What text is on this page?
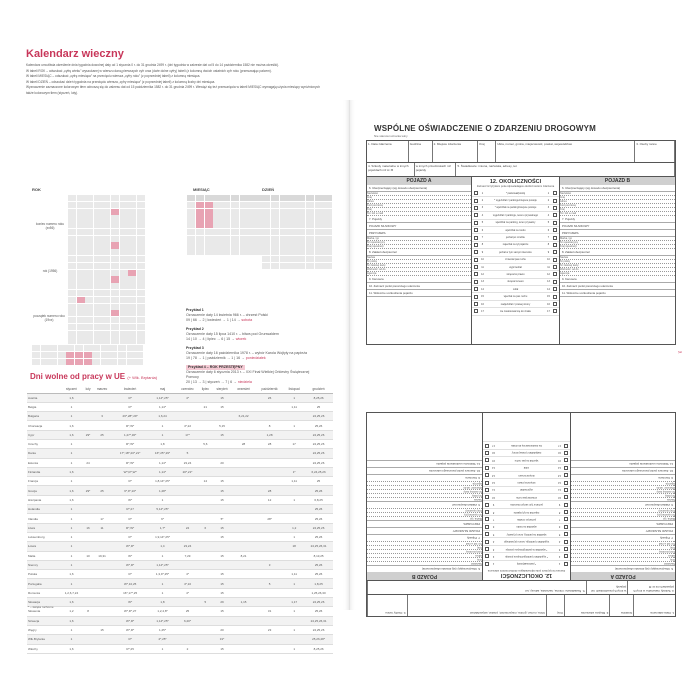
Kalendarz wieczny

Kalendarz umożliwia określenie dnia tygodnia dowolnej daty od 1 stycznia 0 r. do 31 grudnia 2499 r. (dni tygodnia w zakresie dat od 5 do 14 października 1582 nie można określić).

W tabeli ROK – odszukać „cyfrę wieku” wyszukanej w wierszu daną pierwszych cyfr oraz (dwie dolne cyfry) tabeli (z kolumną dwóch ostatnich cyfr roku (przesuwając palcem).

W tabeli MIESIĄC – odszukać „cyfrę miesiąca” na przecięciu wiersza „cyfry roku” (z poprzedniej tabeli) z kolumną miesiąca.

W tabeli DZIEŃ – odszukać dzień tygodnia na przecięciu wiersza „cyfry miesiąca” (z poprzedniej tabeli) z kolumną liczby dni miesiąca.

Wyznaczenie zaznaczone kolorowym tłem odnoszą się do zakresu dat od 15 października 1582 r. do 31 grudnia 2499 r. Wewiąż się też przesunięcia w tabeli MIESIĄC wymagają użycia miesiący wyróżnionych także kolorowym tłem (styczeń, luty).

ROK	MIESIĄC	DZIEŃ
koniec numeru roku (xx56)
rok (1956)
początek numeru roku (19xx)
Przykład 1
Oznaczenie daty 14 kwietnia 966 r. – chrzest Polski
09 | 66 → 2 | kwiecień → 1 | 14 → sobota
Przykład 2
Oznaczenie daty 15 lipca 1410 r. – bitwa pod Grunwaldem
14 | 10 → 4 | lipiec → 6 | 15 → wtorek
Przykład 3
Oznaczenie daty 16 października 1978 r. – wybór Karola Wojtyły na papieża
19 | 78 → 1 | październik → 1 | 16 → poniedziałek
Przykład 4 – ROK PRZESTĘPNY
Oznaczenie daty 6 stycznia 2013 r. – XXI Finał Wielkiej Orkiestry Świątecznej Pomocy
20 | 13 → 3 | styczeń → 7 | 6 → niedziela
Dni wolne od pracy w UE (+ Wlk. Brytania)
	styczeń	luty	marzec	kwiecień	maj	czerwiec	lipiec	sierpień	wrzesień	październik	listopad	grudzień
Austria	1,6			R*	1,14*,25*	4*		15		26	1	8,25,26
Belgia	1			R*	1,14*		21	15			1,11	25
Bułgaria	1		3	26*,28*,29*	1,6,24				6,21,22			24,25,26
Chorwacja	1,6			R*,W*	1	4*,22		5,15		8	1	25,26
Cypr	1,6	29*	25	1,27*,30*	1	17*		15		1,28		24,25,26
Czechy	1			R*,W*	1,8		5,6		28	28	17	24,25,26
Dania	1			17*,18*,20*,21*	16*,25*,29*	5						24,25,26
Estonia	1	24		R*,W*	1,14*	23,24		20				24,25,26
Finlandia	1,6			W*,R*,W*	1,14*	20*,21*					1*	6,24,25,26
Francja	1			R*	1,8,14*,25*		14	15			1,11	25
Grecja	1,6	29*	25	6*,9*,10*	1,28*			15		28		25,26
Hiszpania	1,6			W*	1			15		12	1	6,8,25
Holandia	1			R*,27	5,14*,25*							25,26
Irlandia	1		17	R*	6*			5*		28*		25,26
Litwa	1	16	11	R*,W*	1,7*	24	6	15			1,2	24,25,26
Luksemburg	1			R*	1,9,14*,25*			15			1	25,26
Łotwa	1			W*,R*	1,4	23,24					18	24,25,26,31
Malta	1	10	19,31	W*	1	7,29		15	8,21			8,13,25
Niemcy	1			W*,R*	1,14*,25*					3		25,26
Polska	1,6			R*	1,3,9*,25*	4*		15			1,11	25,26
Portugalia	1			W*,10,25	1	4*,10		15		5	1	1,8,25
Rumunia	1,2,6,7,24			16*,17*,25	1	4*		15				1,25,26,30
Słowacja	1,6			W*	1,8		5	29	1,15		1,17	24,25,26
Słowenia	1,2	8		W*,R*,27	1,2,4,8*	25		15		31	1	25,26
Szwecja	1,6			W*,R*	1,14*,25*	6,20*						24,25,26,31
Węgry	1		15	W*,R*	1,25*			20		23	1	24,25,26
Wlk.Brytania	1			R*	4*,25*			31*				25,26,28*
Włochy	1,6			R*,25	1	2		15			1	8,25,26
* – święta ruchome
WSPÓLNE OŚWIADCZENIE O ZDARZENIU DROGOWYM
Nie stanowi uznania winy
1. Data zdarzenia	Godzina	2. Miejsce zdarzenia	Kraj	Ulica, numer, gmina, miejscowość, powiat, województwo	3. Osoby ranne
4. Szkody materialne w innych pojazdach niż A i B
w innych przedmiotach niż pojazdy
5. Świadkowie: imiona, nazwiska, adresy, tel.
POJAZD A
6. Ubezpieczający (wg dowodu ubezpieczenia)
Nazwisko
Imię
Adres
Kod pocztowy
Kraj
Tel. lub e-mail
7. Pojazdy
POJAZD SILNIKOWY
PRZYCZEPA
Marka, typ
Nr rejestracyjny
Kraj rejestracji
8. Zakład ubezpieczeń
Nazwa
Nr polisy
Nr zielonej karty
Ważność: od do
Agencja
9. Kierowca
10. Zaznacz punkt pierwszego uderzenia
11. Widoczne uszkodzenia pojazdu
12. OKOLICZNOŚCI
Zaznacz krzyżykiem pola odpowiadające okolicznościom zdarzenia
1	* parkował/postój	1
2	* wyjeżdżał z parkingu/miejsca postoju	2
3	* wjeżdżał na parking/miejsce postoju	3
4	wyjeżdżał z parkingu, terenu prywatnego	4
5	wjeżdżał na parking, teren prywatny	5
6	wjeżdżał na rondo	6
7	jechał po rondzie	7
8	najechał na tył pojazdu	8
9	jechał w tym samym kierunku	9
10	zmieniał pas ruchu	10
11	wyprzedzał	11
12	skręcał w prawo	12
13	skręcał w lewo	13
14	cofał	14
15	wjechał na pas ruchu	15
16	nadjeżdżał z prawej strony	16
17	nie zastosował się do znaku	17
POJAZD B
6. Ubezpieczający (wg dowodu ubezpieczenia)
Nazwisko
Imię
Adres
Kod pocztowy
Kraj
Tel. lub e-mail
7. Pojazdy
POJAZD SILNIKOWY
PRZYCZEPA
Marka, typ
Nr rejestracyjny
Kraj rejestracji
8. Zakład ubezpieczeń
Nazwa
Nr polisy
Nr zielonej karty
Ważność: od do
Agencja
9. Kierowca
10. Zaznacz punkt pierwszego uderzenia
11. Widoczne uszkodzenia pojazdu
1. Data zdarzenia
Godzina
2. Miejsce zdarzenia
Kraj
Ulica, numer, gmina, miejscowość, powiat, województwo
3. Osoby ranne
4. Szkody materialne w innych pojazdach niż A i B
w innych przedmiotach niż pojazdy
5. Świadkowie: imiona, nazwiska, adresy, tel.
POJAZD A
6. Ubezpieczający (wg dowodu ubezpieczenia)
Nazwisko
Imię
Adres
Kod pocztowy
Kraj
Tel. lub e-mail
7. Pojazdy
POJAZD SILNIKOWY
PRZYCZEPA
Marka, typ
Nr rejestracyjny
Kraj rejestracji
8. Zakład ubezpieczeń
Nazwa
Nr polisy
Nr zielonej karty
Ważność: od do
Agencja
9. Kierowca
10. Zaznacz punkt pierwszego uderzenia
11. Widoczne uszkodzenia pojazdu
12. OKOLICZNOŚCI
Zaznacz krzyżykiem pola odpowiadające okolicznościom zdarzenia
1
* parkował/postój
1
2
* wyjeżdżał z parkingu/miejsca postoju
2
3
* wjeżdżał na parking/miejsce postoju
3
4
wyjeżdżał z parkingu, terenu prywatnego
4
5
wjeżdżał na parking, teren prywatny
5
6
wjeżdżał na rondo
6
7
jechał po rondzie
7
8
najechał na tył pojazdu
8
9
jechał w tym samym kierunku
9
10
zmieniał pas ruchu
10
11
wyprzedzał
11
12
skręcał w prawo
12
13
skręcał w lewo
13
14
cofał
14
15
wjechał na pas ruchu
15
16
nadjeżdżał z prawej strony
16
17
nie zastosował się do znaku
17
POJAZD B
6. Ubezpieczający (wg dowodu ubezpieczenia)
Nazwisko
Imię
Adres
Kod pocztowy
Kraj
Tel. lub e-mail
7. Pojazdy
POJAZD SILNIKOWY
PRZYCZEPA
Marka, typ
Nr rejestracyjny
Kraj rejestracji
8. Zakład ubezpieczeń
Nazwa
Nr polisy
Nr zielonej karty
Ważność: od do
Agencja
9. Kierowca
10. Zaznacz punkt pierwszego uderzenia
11. Widoczne uszkodzenia pojazdu
✂
